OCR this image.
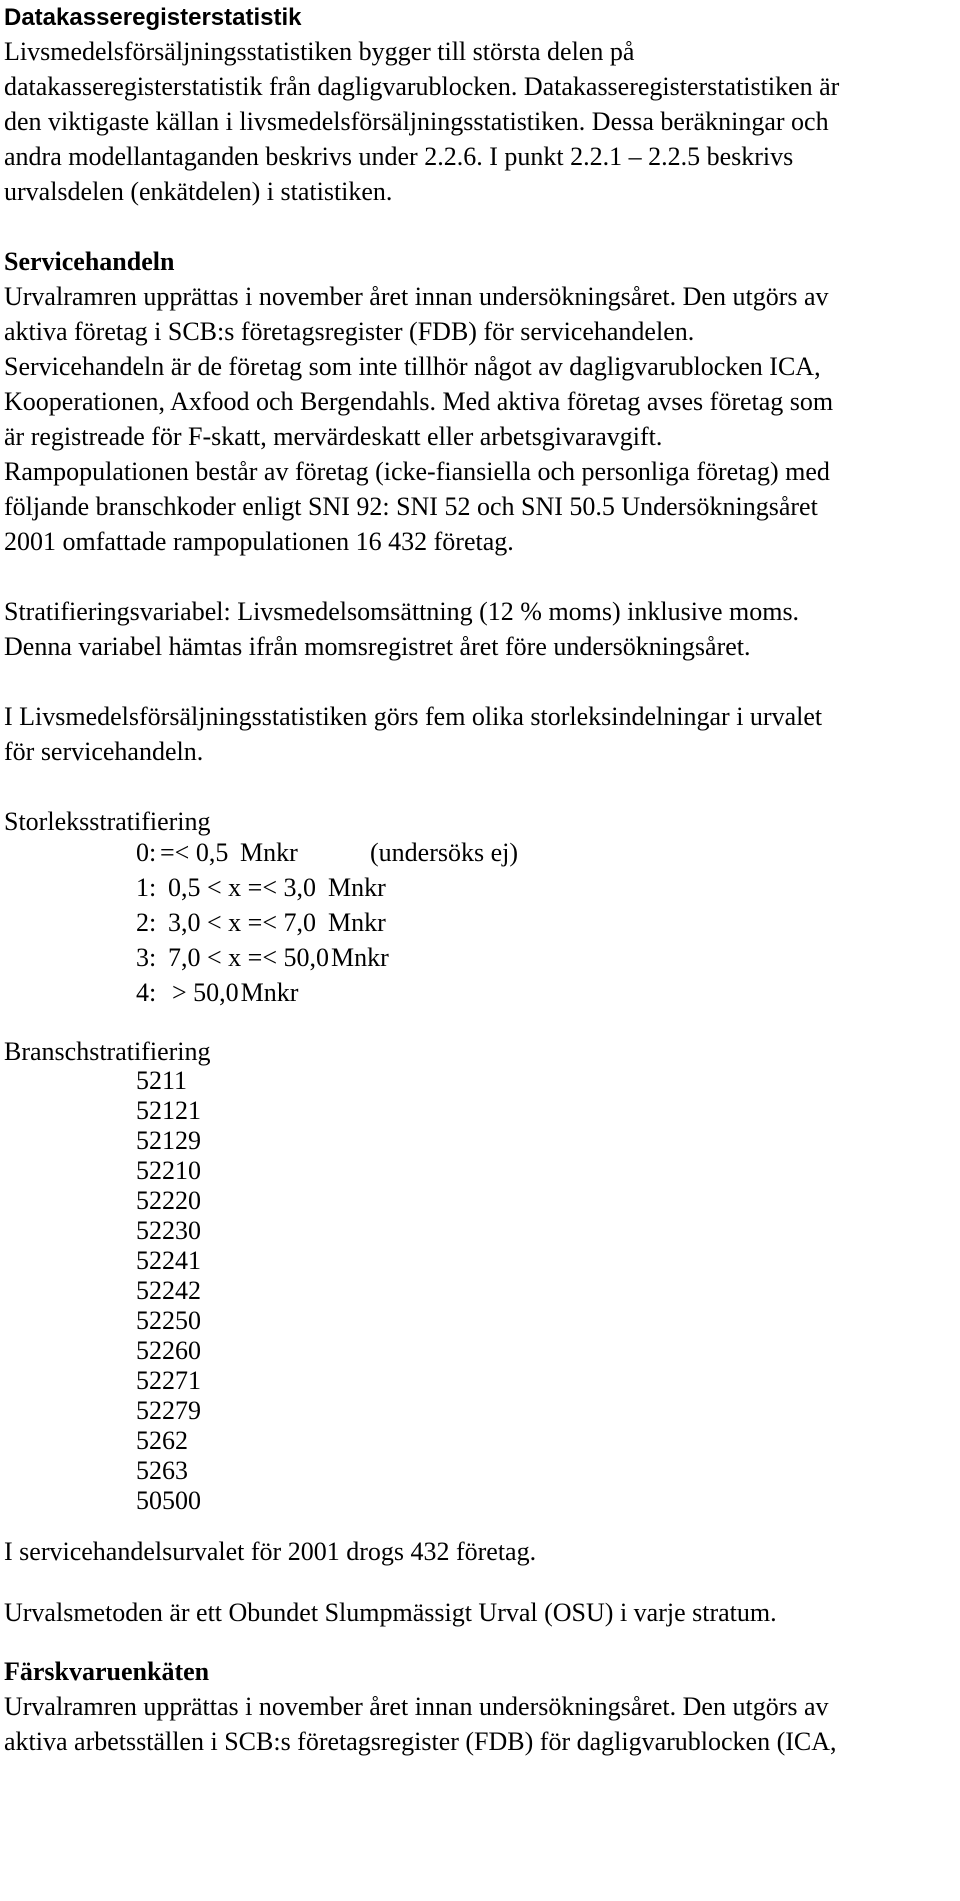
Datakasseregisterstatistik
Livsmedelsförsäljningsstatistiken bygger till största delen på
datakasseregisterstatistik från dagligvarublocken. Datakasseregisterstatistiken är
den viktigaste källan i livsmedelsförsäljningsstatistiken. Dessa beräkningar och
andra modellantaganden beskrivs under 2.2.6. I punkt 2.2.1 – 2.2.5 beskrivs
urvalsdelen (enkätdelen) i statistiken.
Servicehandeln
Urvalramren upprättas i november året innan undersökningsåret. Den utgörs av
aktiva företag i SCB:s företagsregister (FDB) för servicehandelen.
Servicehandeln är de företag som inte tillhör något av dagligvarublocken ICA,
Kooperationen, Axfood och Bergendahls. Med aktiva företag avses företag som
är registreade för F-skatt, mervärdeskatt eller arbetsgivaravgift.
Rampopulationen består av företag (icke-fiansiella och personliga företag) med
följande branschkoder enligt SNI 92: SNI 52 och SNI 50.5 Undersökningsåret
2001 omfattade rampopulationen 16 432 företag.
Stratifieringsvariabel: Livsmedelsomsättning (12 % moms) inklusive moms.
Denna variabel hämtas ifrån momsregistret året före undersökningsåret.
I Livsmedelsförsäljningsstatistiken görs fem olika storleksindelningar i urvalet
för servicehandeln.
Storleksstratifiering
0: =< 0,5 Mnkr	(undersöks ej)
1: 0,5 < x =< 3,0 Mnkr
2: 3,0 < x =< 7,0 Mnkr
3: 7,0 < x =< 50,0 Mnkr
4: > 50,0 Mnkr
Branschstratifiering
5211
52121
52129
52210
52220
52230
52241
52242
52250
52260
52271
52279
5262
5263
50500
I servicehandelsurvalet för 2001 drogs 432 företag.
Urvalsmetoden är ett Obundet Slumpmässigt Urval (OSU) i varje stratum.
Färskvaruenkäten
Urvalramren upprättas i november året innan undersökningsåret. Den utgörs av
aktiva arbetsställen i SCB:s företagsregister (FDB) för dagligvarublocken (ICA,
